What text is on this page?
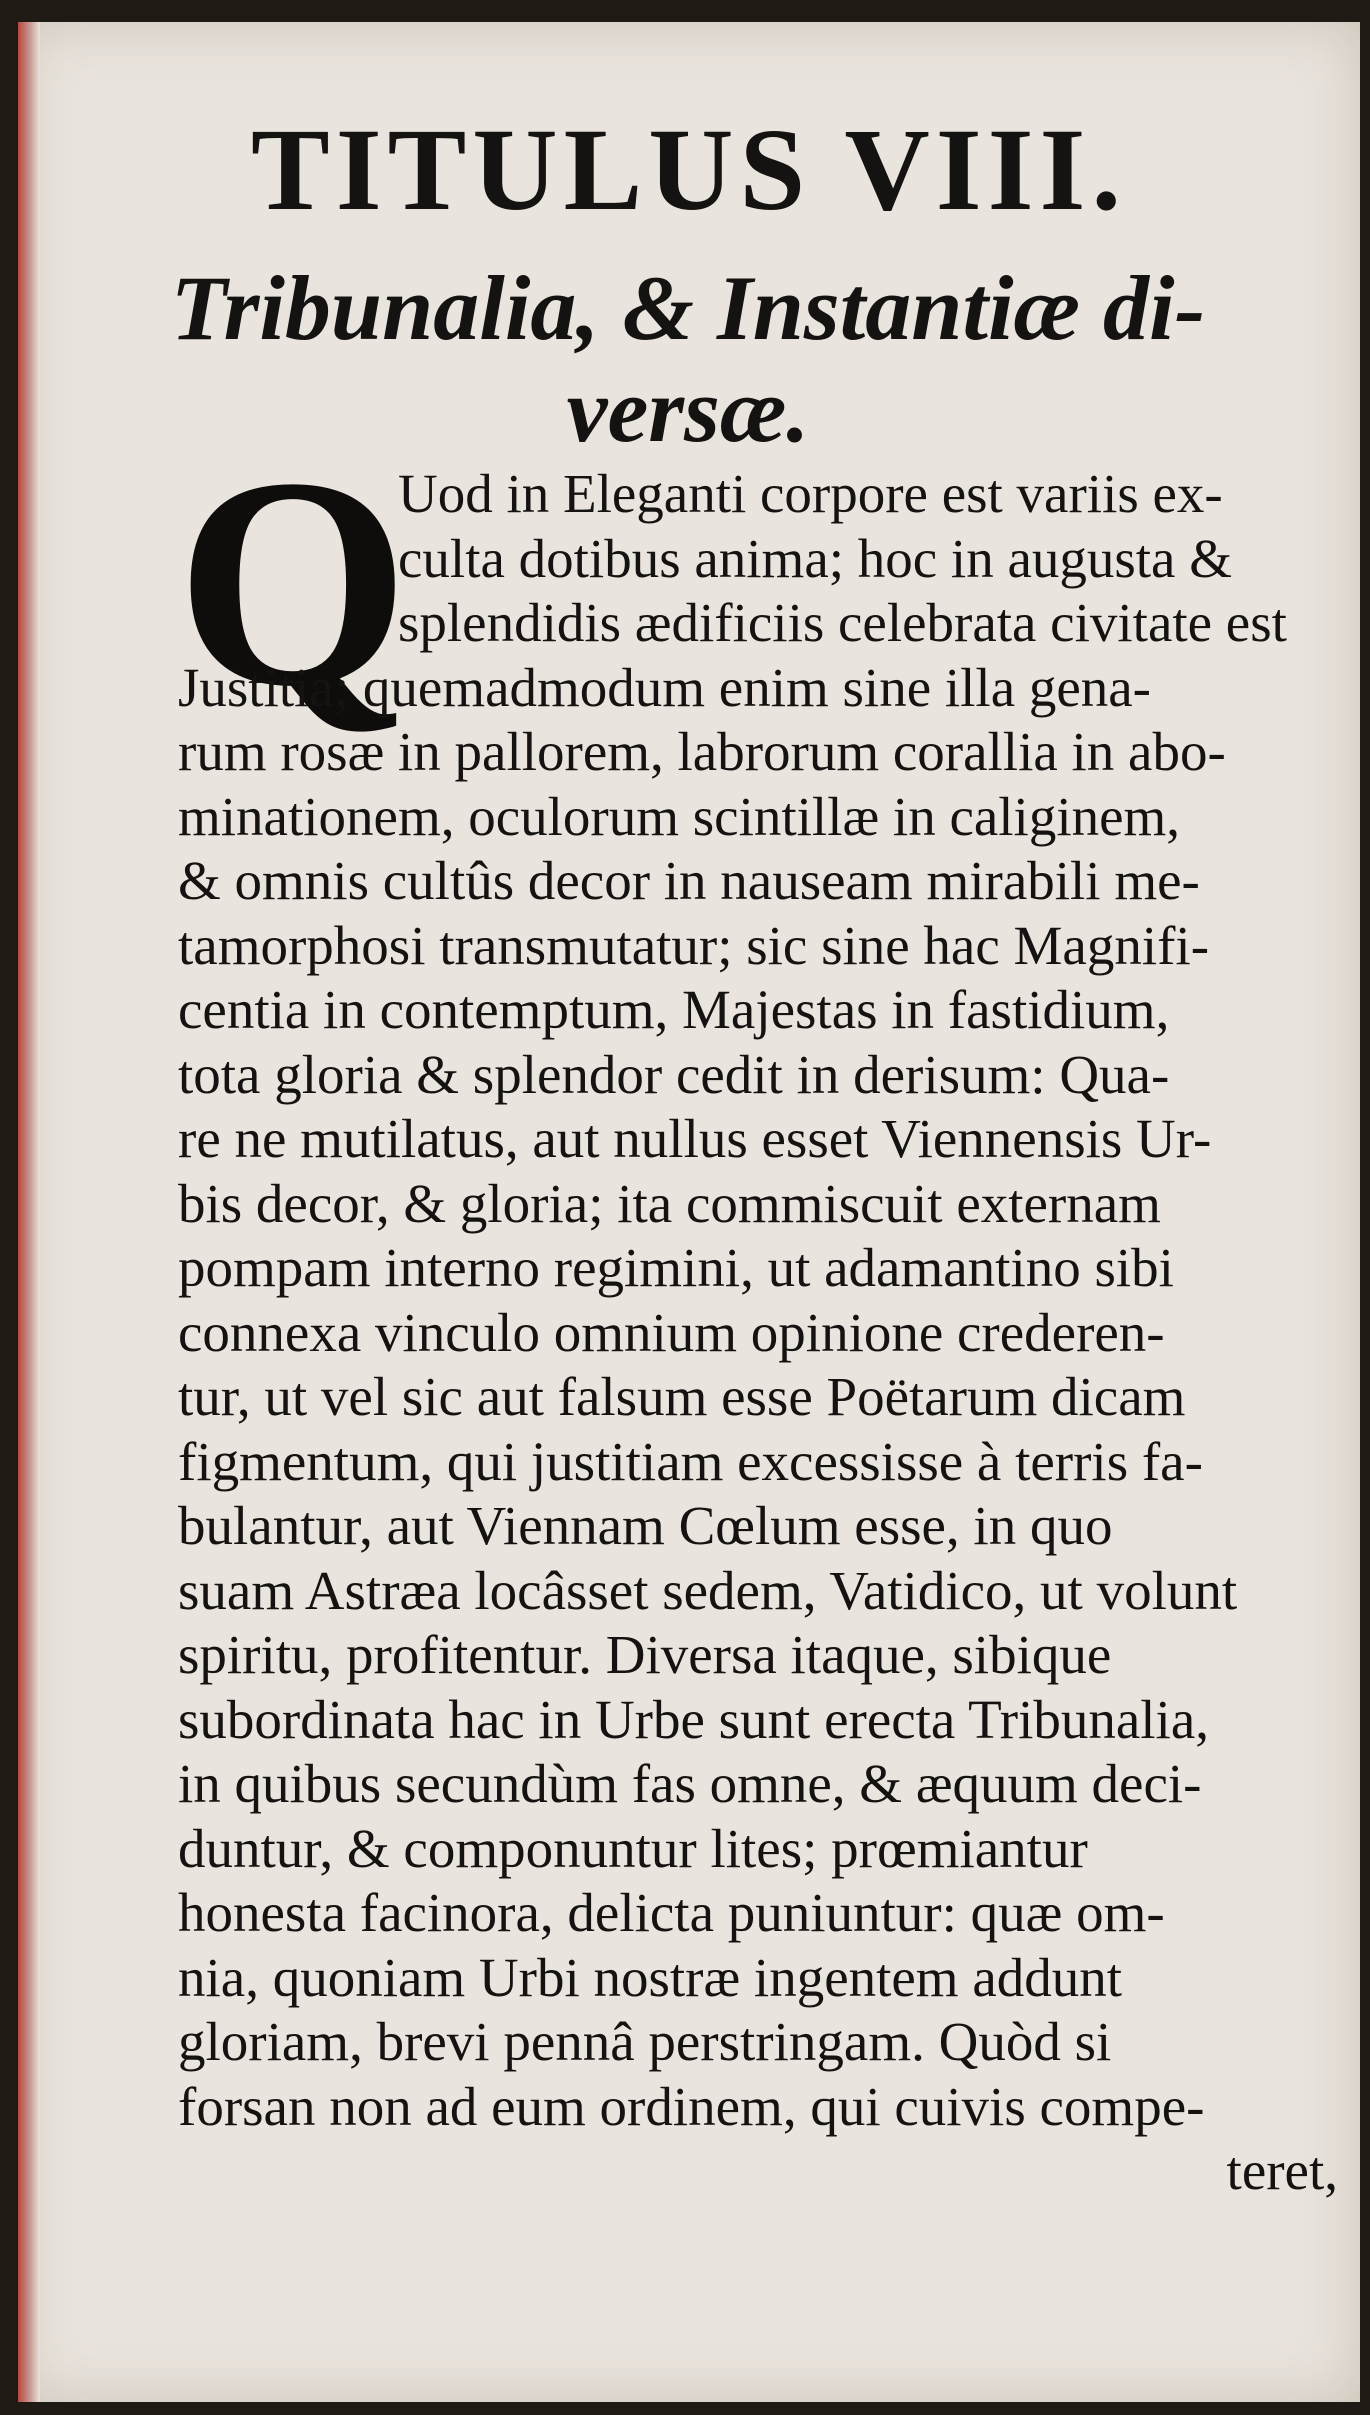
TITULUS VIII.
Tribunalia, & Instantiæ di-
versæ.
Q
Uod in Eleganti corpore est variis ex-
culta dotibus anima; hoc in augusta &
splendidis ædificiis celebrata civitate est
Justitia; quemadmodum enim sine illa gena-
rum rosæ in pallorem, labrorum corallia in abo-
minationem, oculorum scintillæ in caliginem,
& omnis cultûs decor in nauseam mirabili me-
tamorphosi transmutatur; sic sine hac Magnifi-
centia in contemptum, Majestas in fastidium,
tota gloria & splendor cedit in derisum: Qua-
re ne mutilatus, aut nullus esset Viennensis Ur-
bis decor, & gloria; ita commiscuit externam
pompam interno regimini, ut adamantino sibi
connexa vinculo omnium opinione crederen-
tur, ut vel sic aut falsum esse Poëtarum dicam
figmentum, qui justitiam excessisse à terris fa-
bulantur, aut Viennam Cœlum esse, in quo
suam Astræa locâsset sedem, Vatidico, ut volunt
spiritu, profitentur. Diversa itaque, sibique
subordinata hac in Urbe sunt erecta Tribunalia,
in quibus secundùm fas omne, & æquum deci-
duntur, & componuntur lites; prœmiantur
honesta facinora, delicta puniuntur: quæ om-
nia, quoniam Urbi nostræ ingentem addunt
gloriam, brevi pennâ perstringam. Quòd si
forsan non ad eum ordinem, qui cuivis compe-
teret,
